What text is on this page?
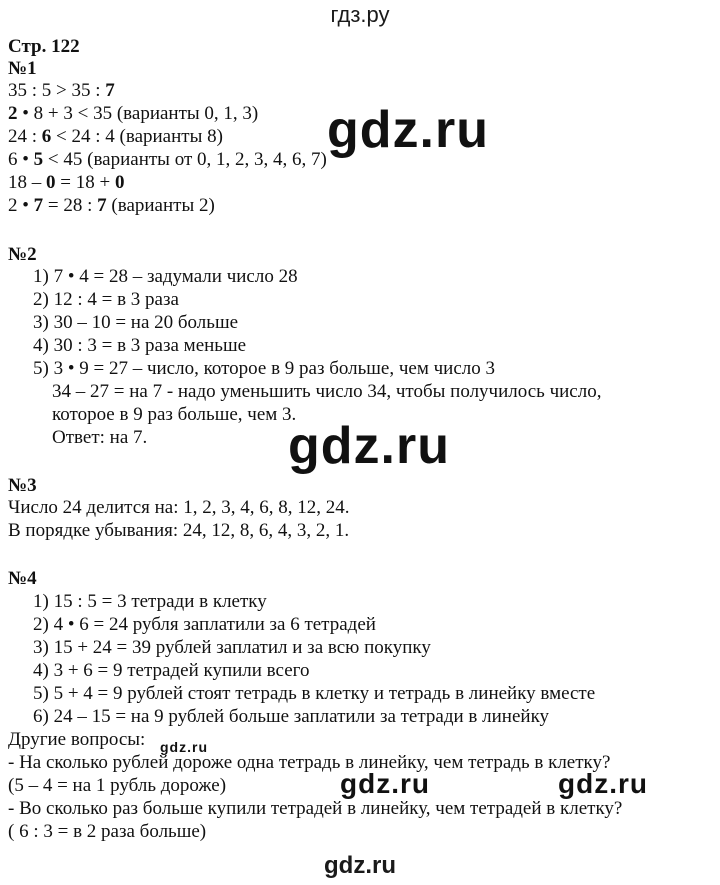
гдз.ру
Стр. 122
№1
35 : 5 > 35 : 7
2 • 8 + 3 < 35 (варианты 0, 1, 3)
24 : 6 < 24 : 4 (варианты 8)
6 • 5 < 45 (варианты от 0, 1, 2, 3, 4, 6, 7)
18 – 0 = 18 + 0
2 • 7 = 28 : 7 (варианты 2)
№2
1) 7 • 4 = 28 – задумали число 28
2) 12 : 4 = в 3 раза
3) 30 – 10 = на 20 больше
4) 30 : 3 = в 3 раза меньше
5) 3 • 9 = 27 – число, которое в 9 раз больше, чем число 3
34 – 27 = на 7 - надо уменьшить число 34, чтобы получилось число,
которое в 9 раз больше, чем 3.
Ответ: на 7.
№3
Число 24 делится на: 1, 2, 3, 4, 6, 8, 12, 24.
В порядке убывания: 24, 12, 8, 6, 4, 3, 2, 1.
№4
1) 15 : 5 = 3 тетради в клетку
2) 4 • 6 = 24 рубля заплатили за 6 тетрадей
3) 15 + 24 = 39 рублей заплатил и за всю покупку
4) 3 + 6 = 9 тетрадей купили всего
5) 5 + 4 = 9 рублей стоят тетрадь в клетку и тетрадь в линейку вместе
6) 24 – 15 = на 9 рублей больше заплатили за тетради в линейку
Другие вопросы:
- На сколько рублей дороже одна тетрадь в линейку, чем тетрадь в клетку?
(5 – 4 = на 1 рубль дороже)
- Во сколько раз больше купили тетрадей в линейку, чем тетрадей в клетку?
( 6 : 3 = в 2 раза больше)
gdz.ru
gdz.ru
gdz.ru
gdz.ru	gdz.ru
gdz.ru
